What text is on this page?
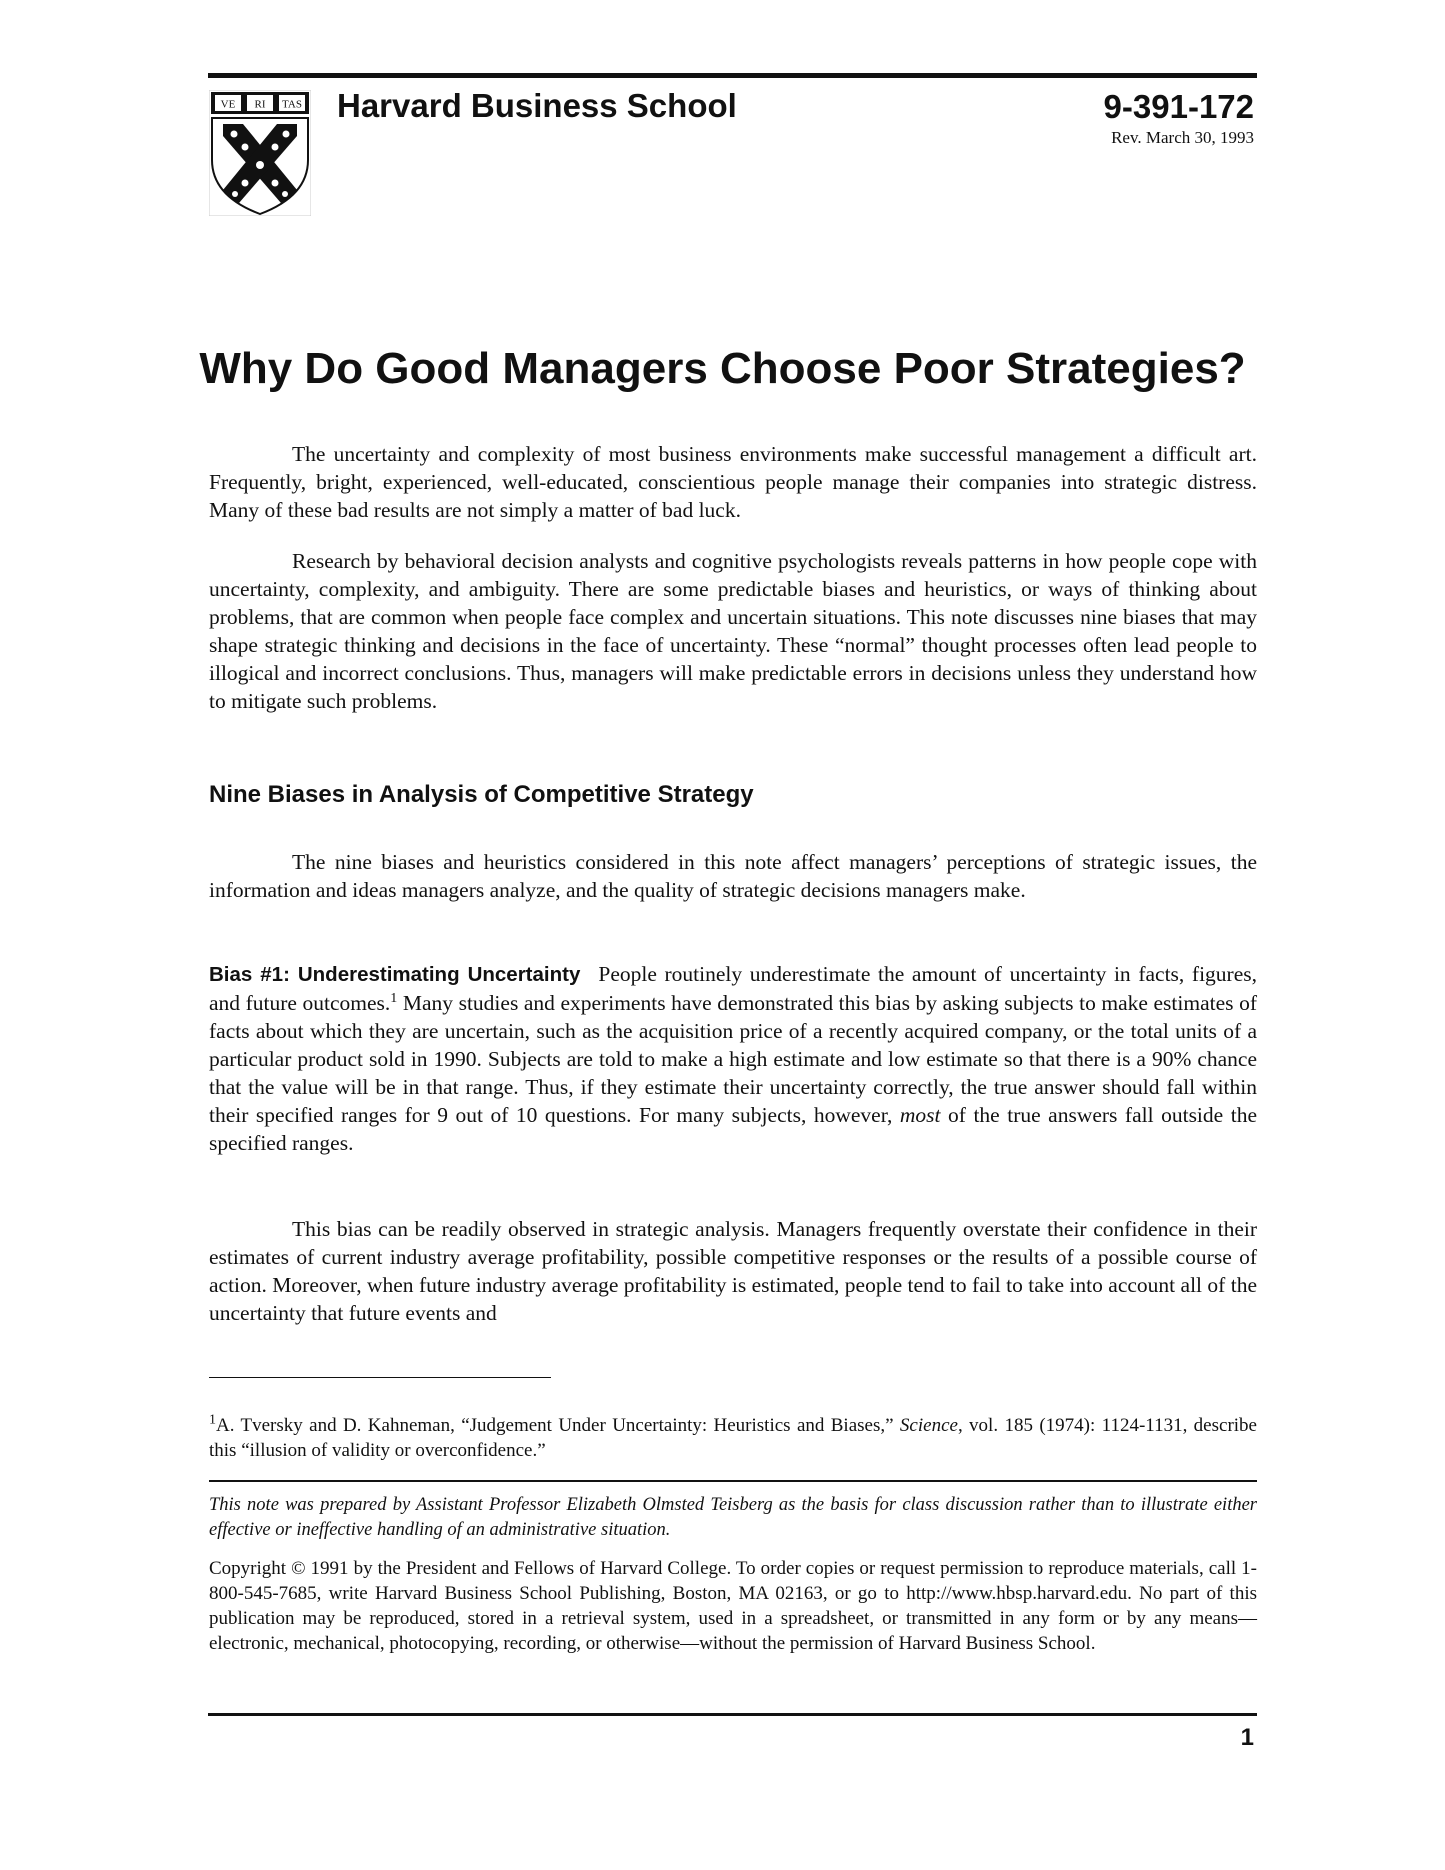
VE RI TAS Harvard Business School	9-391-172
Rev. March 30, 1993
Why Do Good Managers Choose Poor Strategies?

The uncertainty and complexity of most business environments make successful management a difficult art. Frequently, bright, experienced, well-educated, conscientious people manage their companies into strategic distress. Many of these bad results are not simply a matter of bad luck.

Research by behavioral decision analysts and cognitive psychologists reveals patterns in how people cope with uncertainty, complexity, and ambiguity. There are some predictable biases and heuristics, or ways of thinking about problems, that are common when people face complex and uncertain situations. This note discusses nine biases that may shape strategic thinking and decisions in the face of uncertainty. These “normal” thought processes often lead people to illogical and incorrect conclusions. Thus, managers will make predictable errors in decisions unless they understand how to mitigate such problems.

Nine Biases in Analysis of Competitive Strategy

The nine biases and heuristics considered in this note affect managers’ perceptions of strategic issues, the information and ideas managers analyze, and the quality of strategic decisions managers make.

Bias #1: Underestimating Uncertainty People routinely underestimate the amount of uncertainty in facts, figures, and future outcomes.$^1$ Many studies and experiments have demonstrated this bias by asking subjects to make estimates of facts about which they are uncertain, such as the acquisition price of a recently acquired company, or the total units of a particular product sold in 1990. Subjects are told to make a high estimate and low estimate so that there is a 90% chance that the value will be in that range. Thus, if they estimate their uncertainty correctly, the true answer should fall within their specified ranges for 9 out of 10 questions. For many subjects, however, most of the true answers fall outside the specified ranges.

This bias can be readily observed in strategic analysis. Managers frequently overstate their confidence in their estimates of current industry average profitability, possible competitive responses or the results of a possible course of action. Moreover, when future industry average profitability is estimated, people tend to fail to take into account all of the uncertainty that future events and

$^1$A. Tversky and D. Kahneman, “Judgement Under Uncertainty: Heuristics and Biases,” Science, vol. 185 (1974): 1124-1131, describe this “illusion of validity or overconfidence.”

This note was prepared by Assistant Professor Elizabeth Olmsted Teisberg as the basis for class discussion rather than to illustrate either effective or ineffective handling of an administrative situation.

Copyright © 1991 by the President and Fellows of Harvard College. To order copies or request permission to reproduce materials, call 1-800-545-7685, write Harvard Business School Publishing, Boston, MA 02163, or go to http://www.hbsp.harvard.edu. No part of this publication may be reproduced, stored in a retrieval system, used in a spreadsheet, or transmitted in any form or by any means—electronic, mechanical, photocopying, recording, or otherwise—without the permission of Harvard Business School.

1
